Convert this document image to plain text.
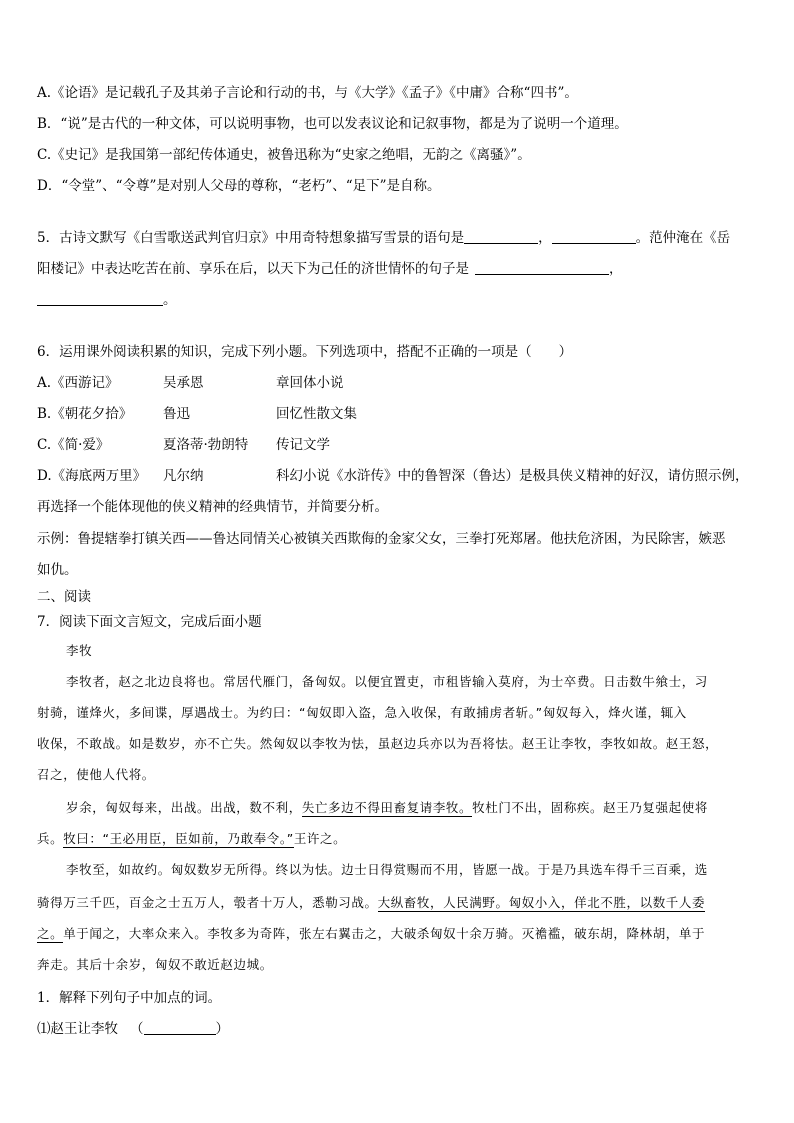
A.《论语》是记载孔子及其弟子言论和行动的书，与《大学》《孟子》《中庸》合称“四书”。
B．“说”是古代的一种文体，可以说明事物，也可以发表议论和记叙事物，都是为了说明一个道理。
C.《史记》是我国第一部纪传体通史，被鲁迅称为“史家之绝唱，无韵之《离骚》”。
D．“令堂”、“令尊”是对别人父母的尊称，“老朽”、“足下”是自称。
5．古诗文默写《白雪歌送武判官归京》中用奇特想象描写雪景的语句是	，	。范仲淹在《岳
阳楼记》中表达吃苦在前、享乐在后，以天下为己任的济世情怀的句子是	，
。
6．运用课外阅读积累的知识，完成下列小题。下列选项中，搭配不正确的一项是（　　）
A.《西游记》	吴承恩	章回体小说
B.《朝花夕拾》 鲁迅	回忆性散文集
C.《简·爱》	夏洛蒂·勃朗特 传记文学
D.《海底两万里》 凡尔纳	科幻小说《水浒传》中的鲁智深（鲁达）是极具侠义精神的好汉，请仿照示例，
再选择一个能体现他的侠义精神的经典情节，并简要分析。
示例：鲁提辖拳打镇关西——鲁达同情关心被镇关西欺侮的金家父女，三拳打死郑屠。他扶危济困，为民除害，嫉恶
如仇。
二、阅读
7．阅读下面文言短文，完成后面小题
李牧
李牧者，赵之北边良将也。常居代雁门，备匈奴。以便宜置吏，市租皆输入莫府，为士卒费。日击数牛飨士，习
射骑，谨烽火，多间谍，厚遇战士。为约曰：“匈奴即入盗，急入收保，有敢捕虏者斩。”匈奴每入，烽火谨，辄入
收保，不敢战。如是数岁，亦不亡失。然匈奴以李牧为怯，虽赵边兵亦以为吾将怯。赵王让李牧，李牧如故。赵王怒，
召之，使他人代将。
岁余，匈奴每来，出战。出战，数不利，失亡多边不得田畜复请李牧。牧杜门不出，固称疾。赵王乃复强起使将
兵。牧曰：“王必用臣，臣如前，乃敢奉令。”王许之。
李牧至，如故约。匈奴数岁无所得。终以为怯。边士日得赏赐而不用，皆愿一战。于是乃具选车得千三百乘，选
骑得万三千匹，百金之士五万人，彀者十万人，悉勒习战。大纵畜牧，人民满野。匈奴小入，佯北不胜，以数千人委
之。单于闻之，大率众来入。李牧多为奇阵，张左右翼击之，大破杀匈奴十余万骑。灭襜褴，破东胡，降林胡，单于
奔走。其后十余岁，匈奴不敢近赵边城。
1．解释下列句子中加点的词。
⑴赵王让李牧 （	）
